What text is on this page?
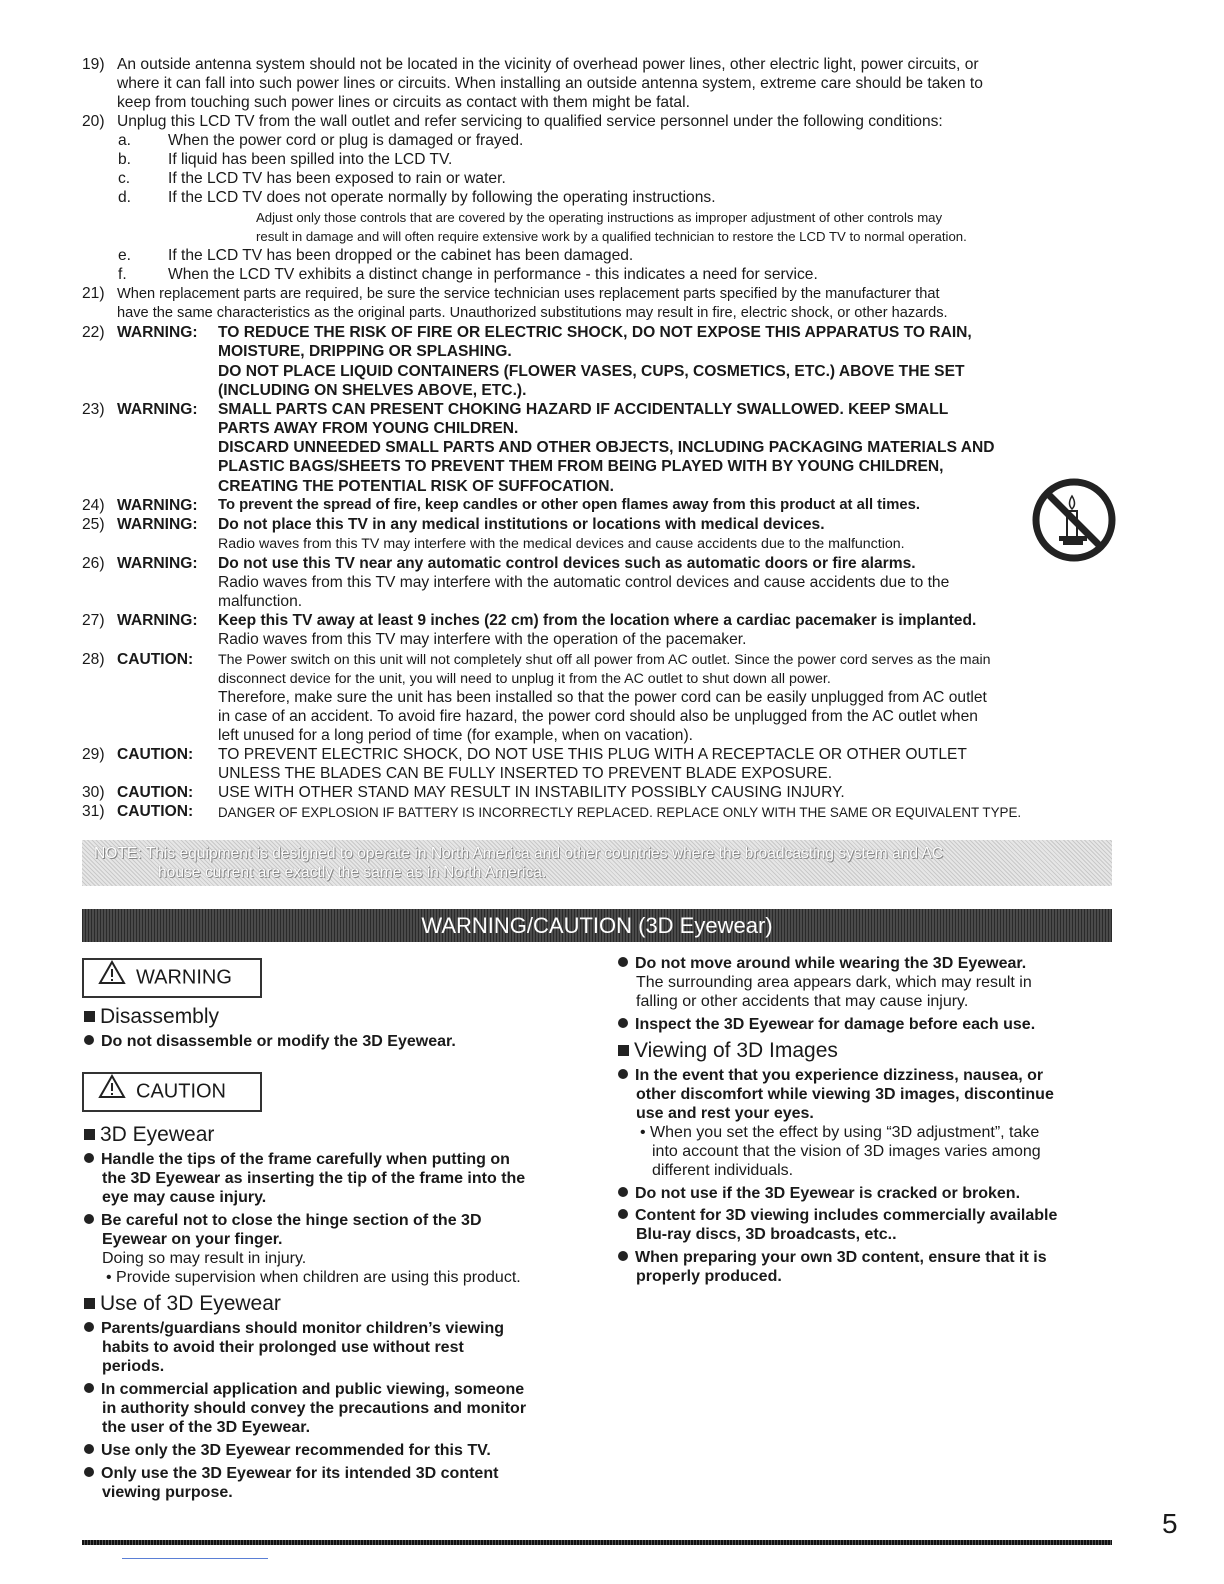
19) An outside antenna system should not be located in the vicinity of overhead power lines, other electric light, power circuits, or
where it can fall into such power lines or circuits. When installing an outside antenna system, extreme care should be taken to
keep from touching such power lines or circuits as contact with them might be fatal.
20) Unplug this LCD TV from the wall outlet and refer servicing to qualified service personnel under the following conditions:
a. When the power cord or plug is damaged or frayed.
b. If liquid has been spilled into the LCD TV.
c. If the LCD TV has been exposed to rain or water.
d. If the LCD TV does not operate normally by following the operating instructions.
Adjust only those controls that are covered by the operating instructions as improper adjustment of other controls may
result in damage and will often require extensive work by a qualified technician to restore the LCD TV to normal operation.
e. If the LCD TV has been dropped or the cabinet has been damaged.
f.	When the LCD TV exhibits a distinct change in performance - this indicates a need for service.
21) When replacement parts are required, be sure the service technician uses replacement parts specified by the manufacturer that
have the same characteristics as the original parts. Unauthorized substitutions may result in fire, electric shock, or other hazards.
22) WARNING: TO REDUCE THE RISK OF FIRE OR ELECTRIC SHOCK, DO NOT EXPOSE THIS APPARATUS TO RAIN,
MOISTURE, DRIPPING OR SPLASHING.
DO NOT PLACE LIQUID CONTAINERS (FLOWER VASES, CUPS, COSMETICS, ETC.) ABOVE THE SET
(INCLUDING ON SHELVES ABOVE, ETC.).
23) WARNING: SMALL PARTS CAN PRESENT CHOKING HAZARD IF ACCIDENTALLY SWALLOWED. KEEP SMALL
PARTS AWAY FROM YOUNG CHILDREN.
DISCARD UNNEEDED SMALL PARTS AND OTHER OBJECTS, INCLUDING PACKAGING MATERIALS AND
PLASTIC BAGS/SHEETS TO PREVENT THEM FROM BEING PLAYED WITH BY YOUNG CHILDREN,
CREATING THE POTENTIAL RISK OF SUFFOCATION.
24) WARNING: To prevent the spread of fire, keep candles or other open flames away from this product at all times.
25) WARNING: Do not place this TV in any medical institutions or locations with medical devices.
Radio waves from this TV may interfere with the medical devices and cause accidents due to the malfunction.
26) WARNING: Do not use this TV near any automatic control devices such as automatic doors or fire alarms.
Radio waves from this TV may interfere with the automatic control devices and cause accidents due to the
malfunction.
27) WARNING: Keep this TV away at least 9 inches (22 cm) from the location where a cardiac pacemaker is implanted.
Radio waves from this TV may interfere with the operation of the pacemaker.
28) CAUTION: The Power switch on this unit will not completely shut off all power from AC outlet. Since the power cord serves as the main
disconnect device for the unit, you will need to unplug it from the AC outlet to shut down all power.
Therefore, make sure the unit has been installed so that the power cord can be easily unplugged from AC outlet
in case of an accident. To avoid fire hazard, the power cord should also be unplugged from the AC outlet when
left unused for a long period of time (for example, when on vacation).
29) CAUTION: TO PREVENT ELECTRIC SHOCK, DO NOT USE THIS PLUG WITH A RECEPTACLE OR OTHER OUTLET
UNLESS THE BLADES CAN BE FULLY INSERTED TO PREVENT BLADE EXPOSURE.
30) CAUTION: USE WITH OTHER STAND MAY RESULT IN INSTABILITY POSSIBLY CAUSING INJURY.
31) CAUTION: DANGER OF EXPLOSION IF BATTERY IS INCORRECTLY REPLACED. REPLACE ONLY WITH THE SAME OR EQUIVALENT TYPE.
NOTE: This equipment is designed to operate in North America and other countries where the broadcasting system and AC
house current are exactly the same as in North America.
WARNING/CAUTION (3D Eyewear)
WARNING
Disassembly
Do not disassemble or modify the 3D Eyewear.
CAUTION
3D Eyewear
Handle the tips of the frame carefully when putting on
the 3D Eyewear as inserting the tip of the frame into the
eye may cause injury.
Be careful not to close the hinge section of the 3D
Eyewear on your finger.
Doing so may result in injury.
• Provide supervision when children are using this product.
Use of 3D Eyewear
Parents/guardians should monitor children’s viewing
habits to avoid their prolonged use without rest
periods.
In commercial application and public viewing, someone
in authority should convey the precautions and monitor
the user of the 3D Eyewear.
Use only the 3D Eyewear recommended for this TV.
Only use the 3D Eyewear for its intended 3D content
viewing purpose.
Do not move around while wearing the 3D Eyewear.
The surrounding area appears dark, which may result in
falling or other accidents that may cause injury.
Inspect the 3D Eyewear for damage before each use.
Viewing of 3D Images
In the event that you experience dizziness, nausea, or
other discomfort while viewing 3D images, discontinue
use and rest your eyes.
• When you set the effect by using “3D adjustment”, take
into account that the vision of 3D images varies among
different individuals.
Do not use if the 3D Eyewear is cracked or broken.
Content for 3D viewing includes commercially available
Blu-ray discs, 3D broadcasts, etc..
When preparing your own 3D content, ensure that it is
properly produced.
5
